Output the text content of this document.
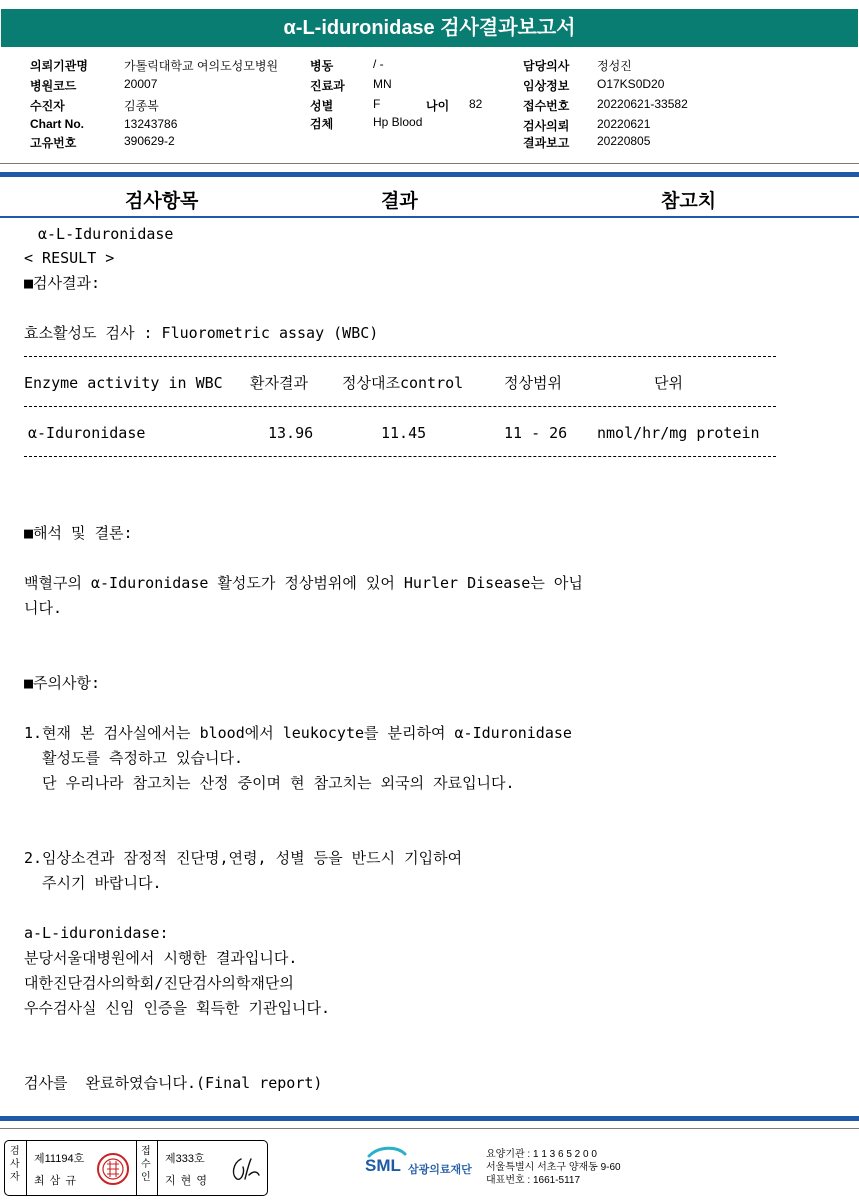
α-L-iduronidase 검사결과보고서
의뢰기관명	가톨릭대학교 여의도성모병원	병동	/ -	담당의사 정성진
병원코드	20007	진료과 MN	임상정보 O17KS0D20
수진자	김종복	성별	F	나이 82	접수번호 20220621-33582
Chart No.	13243786	검체	Hp Blood	검사의뢰 20220621
고유번호	390629-2	결과보고 20220805
검사항목	결과	참고치
α-L-Iduronidase
< RESULT >
■검사결과:
효소활성도 검사 : Fluorometric assay (WBC)
Enzyme activity in WBC 환자결과 정상대조control	정상범위	단위
α-Iduronidase	13.96	11.45	11 - 26 nmol/hr/mg protein
■해석 및 결론:
백혈구의 α-Iduronidase 활성도가 정상범위에 있어 Hurler Disease는 아닙
니다.
■주의사항:
1.현재 본 검사실에서는 blood에서 leukocyte를 분리하여 α-Iduronidase
활성도를 측정하고 있습니다.
단 우리나라 참고치는 산정 중이며 현 참고치는 외국의 자료입니다.
2.임상소견과 잠정적 진단명,연령, 성별 등을 반드시 기입하여
주시기 바랍니다.
a-L-iduronidase:
분당서울대병원에서 시행한 결과입니다.
대한진단검사의학회/진단검사의학재단의
우수검사실 신임 인증을 획득한 기관입니다.
검사를  완료하였습니다.(Final report)
검사자
제11194호
최 삼 규
접수인
제333호
지 현 영
SML 삼광의료재단
요양기관 : 1 1 3 6 5 2 0 0
서울특별시 서초구 양재동 9-60
대표번호 : 1661-5117
